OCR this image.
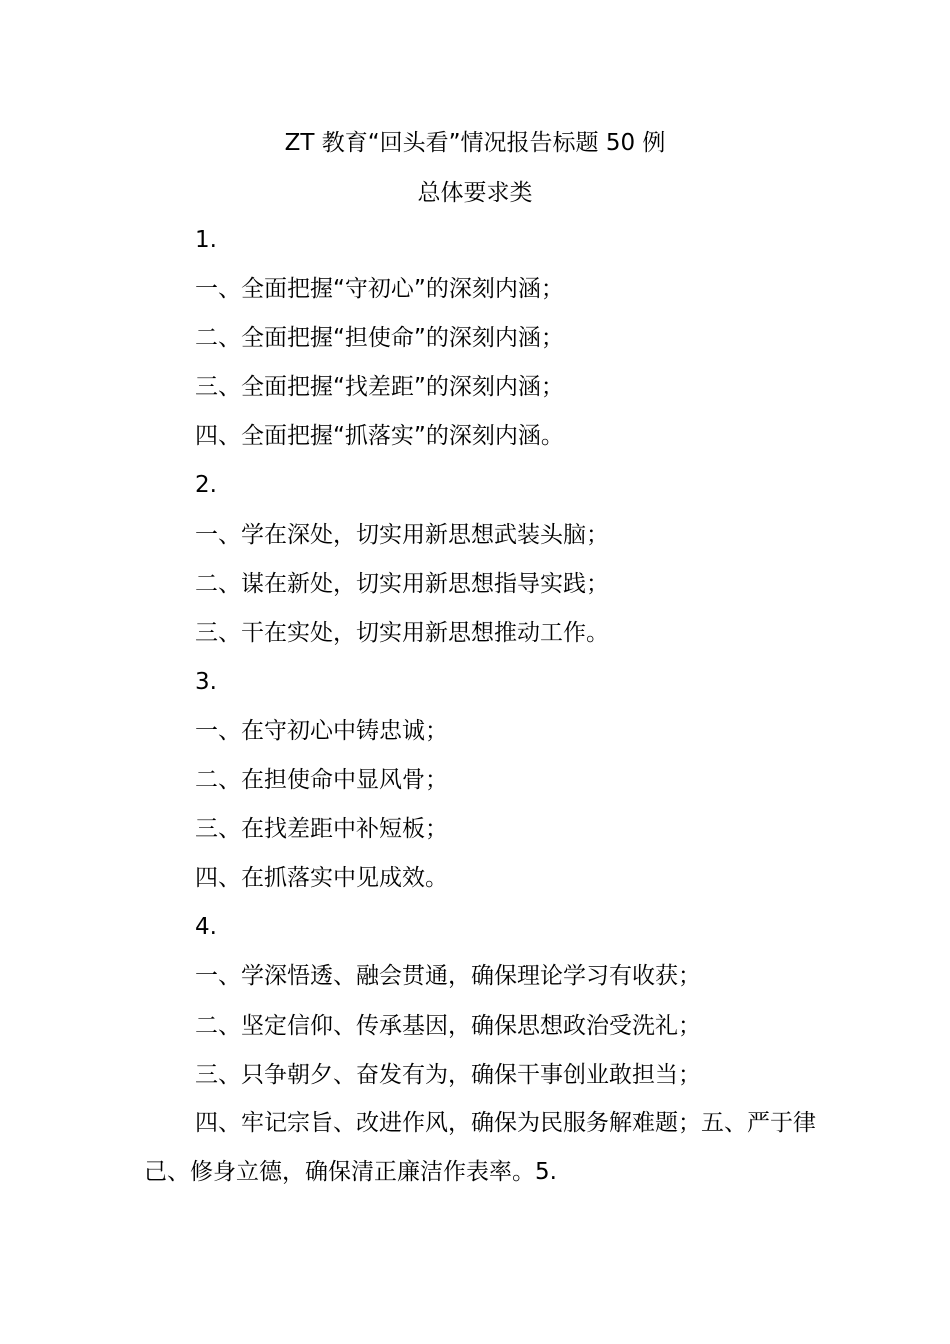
ZT 教育“回头看”情况报告标题 50 例
总体要求类
1.
一、全面把握“守初心”的深刻内涵；
二、全面把握“担使命”的深刻内涵；
三、全面把握“找差距”的深刻内涵；
四、全面把握“抓落实”的深刻内涵。
2.
一、学在深处，切实用新思想武装头脑；
二、谋在新处，切实用新思想指导实践；
三、干在实处，切实用新思想推动工作。
3.
一、在守初心中铸忠诚；
二、在担使命中显风骨；
三、在找差距中补短板；
四、在抓落实中见成效。
4.
一、学深悟透、融会贯通，确保理论学习有收获；
二、坚定信仰、传承基因，确保思想政治受洗礼；
三、只争朝夕、奋发有为，确保干事创业敢担当；
四、牢记宗旨、改进作风，确保为民服务解难题；五、严于律己、修身立德，确保清正廉洁作表率。5.
